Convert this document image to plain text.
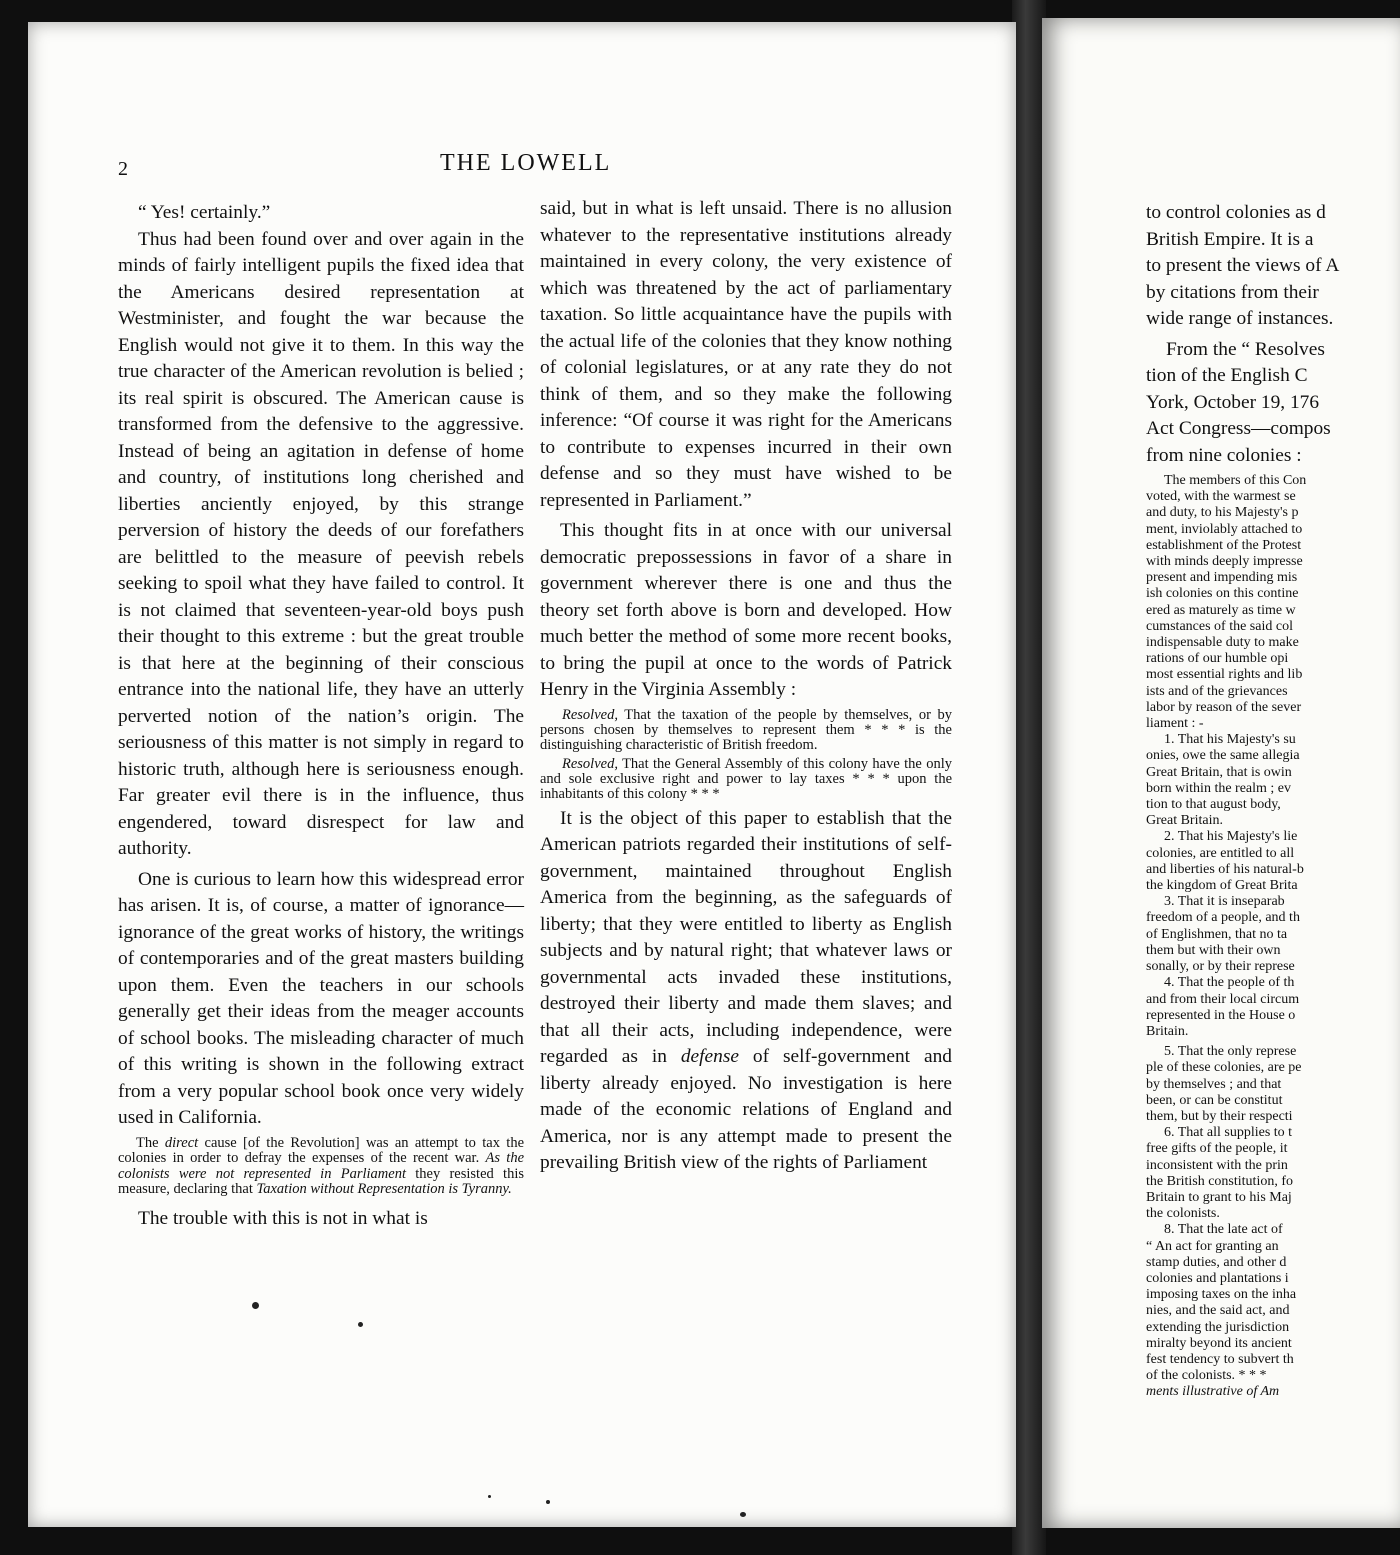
2	THE LOWELL

“ Yes! certainly.”

Thus had been found over and over again in the minds of fairly intelligent pupils the fixed idea that the Americans desired representation at Westminister, and fought the war because the English would not give it to them. In this way the true character of the American revolution is belied ; its real spirit is obscured. The American cause is transformed from the defensive to the aggressive. Instead of being an agitation in defense of home and country, of institutions long cherished and liberties anciently enjoyed, by this strange perversion of history the deeds of our forefathers are belittled to the measure of peevish rebels seeking to spoil what they have failed to control. It is not claimed that seventeen-year-old boys push their thought to this extreme : but the great trouble is that here at the beginning of their conscious entrance into the national life, they have an utterly perverted notion of the nation’s origin. The seriousness of this matter is not simply in regard to historic truth, although here is seriousness enough. Far greater evil there is in the influence, thus engendered, toward disrespect for law and authority.

One is curious to learn how this widespread error has arisen. It is, of course, a matter of ignorance—ignorance of the great works of history, the writings of contemporaries and of the great masters building upon them. Even the teachers in our schools generally get their ideas from the meager accounts of school books. The misleading character of much of this writing is shown in the following extract from a very popular school book once very widely used in California.

The direct cause [of the Revolution] was an attempt to tax the colonies in order to defray the expenses of the recent war. As the colonists were not represented in Parliament they resisted this measure, declaring that Taxation without Representation is Tyranny.

The trouble with this is not in what is

said, but in what is left unsaid. There is no allusion whatever to the representative institutions already maintained in every colony, the very existence of which was threatened by the act of parliamentary taxation. So little acquaintance have the pupils with the actual life of the colonies that they know nothing of colonial legislatures, or at any rate they do not think of them, and so they make the following inference: “Of course it was right for the Americans to contribute to expenses incurred in their own defense and so they must have wished to be represented in Parliament.”

This thought fits in at once with our universal democratic prepossessions in favor of a share in government wherever there is one and thus the theory set forth above is born and developed. How much better the method of some more recent books, to bring the pupil at once to the words of Patrick Henry in the Virginia Assembly :

Resolved, That the taxation of the people by themselves, or by persons chosen by themselves to represent them * * * is the distinguishing characteristic of British freedom.

Resolved, That the General Assembly of this colony have the only and sole exclusive right and power to lay taxes * * * upon the inhabitants of this colony * * *

It is the object of this paper to establish that the American patriots regarded their institutions of self-government, maintained throughout English America from the beginning, as the safeguards of liberty; that they were entitled to liberty as English subjects and by natural right; that whatever laws or governmental acts invaded these institutions, destroyed their liberty and made them slaves; and that all their acts, including independence, were regarded as in defense of self-government and liberty already enjoyed. No investigation is here made of the economic relations of England and America, nor is any attempt made to present the prevailing British view of the rights of Parliament

to control colonies as d
British Empire. It is a
to present the views of A
by citations from their
wide range of instances.
From the “ Resolves
tion of the English C
York, October 19, 176
Act Congress—compos
from nine colonies :
The members of this Con
voted, with the warmest se
and duty, to his Majesty's p
ment, inviolably attached to
establishment of the Protest
with minds deeply impresse
present and impending mis
ish colonies on this contine
ered as maturely as time w
cumstances of the said col
indispensable duty to make
rations of our humble opi
most essential rights and lib
ists and of the grievances
labor by reason of the sever
liament : -
1. That his Majesty's su
onies, owe the same allegia
Great Britain, that is owin
born within the realm ; ev
tion to that august body,
Great Britain.
2. That his Majesty's lie
colonies, are entitled to all
and liberties of his natural-b
the kingdom of Great Brita
3. That it is inseparab
freedom of a people, and th
of Englishmen, that no ta
them but with their own
sonally, or by their represe
4. That the people of th
and from their local circum
represented in the House o
Britain.
5. That the only represe
ple of these colonies, are pe
by themselves ; and that
been, or can be constitut
them, but by their respecti
6. That all supplies to t
free gifts of the people, it
inconsistent with the prin
the British constitution, fo
Britain to grant to his Maj
the colonists.
8. That the late act of
“ An act for granting an
stamp duties, and other d
colonies and plantations i
imposing taxes on the inha
nies, and the said act, and
extending the jurisdiction
miralty beyond its ancient
fest tendency to subvert th
of the colonists. * * *
ments illustrative of Am
